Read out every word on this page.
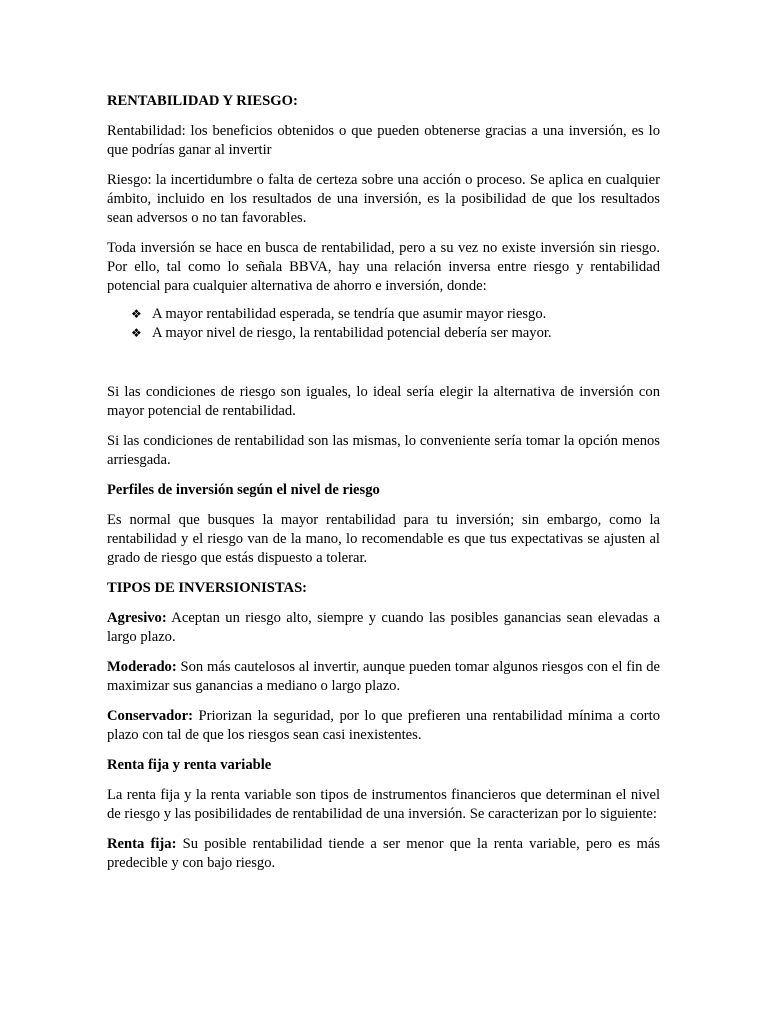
RENTABILIDAD Y RIESGO:

Rentabilidad: los beneficios obtenidos o que pueden obtenerse gracias a una inversión, es lo que podrías ganar al invertir

Riesgo: la incertidumbre o falta de certeza sobre una acción o proceso. Se aplica en cualquier ámbito, incluido en los resultados de una inversión, es la posibilidad de que los resultados sean adversos o no tan favorables.

Toda inversión se hace en busca de rentabilidad, pero a su vez no existe inversión sin riesgo. Por ello, tal como lo señala BBVA, hay una relación inversa entre riesgo y rentabilidad potencial para cualquier alternativa de ahorro e inversión, donde:

❖ A mayor rentabilidad esperada, se tendría que asumir mayor riesgo.
❖ A mayor nivel de riesgo, la rentabilidad potencial debería ser mayor.

Si las condiciones de riesgo son iguales, lo ideal sería elegir la alternativa de inversión con mayor potencial de rentabilidad.

Si las condiciones de rentabilidad son las mismas, lo conveniente sería tomar la opción menos arriesgada.

Perfiles de inversión según el nivel de riesgo

Es normal que busques la mayor rentabilidad para tu inversión; sin embargo, como la rentabilidad y el riesgo van de la mano, lo recomendable es que tus expectativas se ajusten al grado de riesgo que estás dispuesto a tolerar.

TIPOS DE INVERSIONISTAS:

Agresivo: Aceptan un riesgo alto, siempre y cuando las posibles ganancias sean elevadas a largo plazo.

Moderado: Son más cautelosos al invertir, aunque pueden tomar algunos riesgos con el fin de maximizar sus ganancias a mediano o largo plazo.

Conservador: Priorizan la seguridad, por lo que prefieren una rentabilidad mínima a corto plazo con tal de que los riesgos sean casi inexistentes.

Renta fija y renta variable

La renta fija y la renta variable son tipos de instrumentos financieros que determinan el nivel de riesgo y las posibilidades de rentabilidad de una inversión. Se caracterizan por lo siguiente:

Renta fija: Su posible rentabilidad tiende a ser menor que la renta variable, pero es más predecible y con bajo riesgo.
